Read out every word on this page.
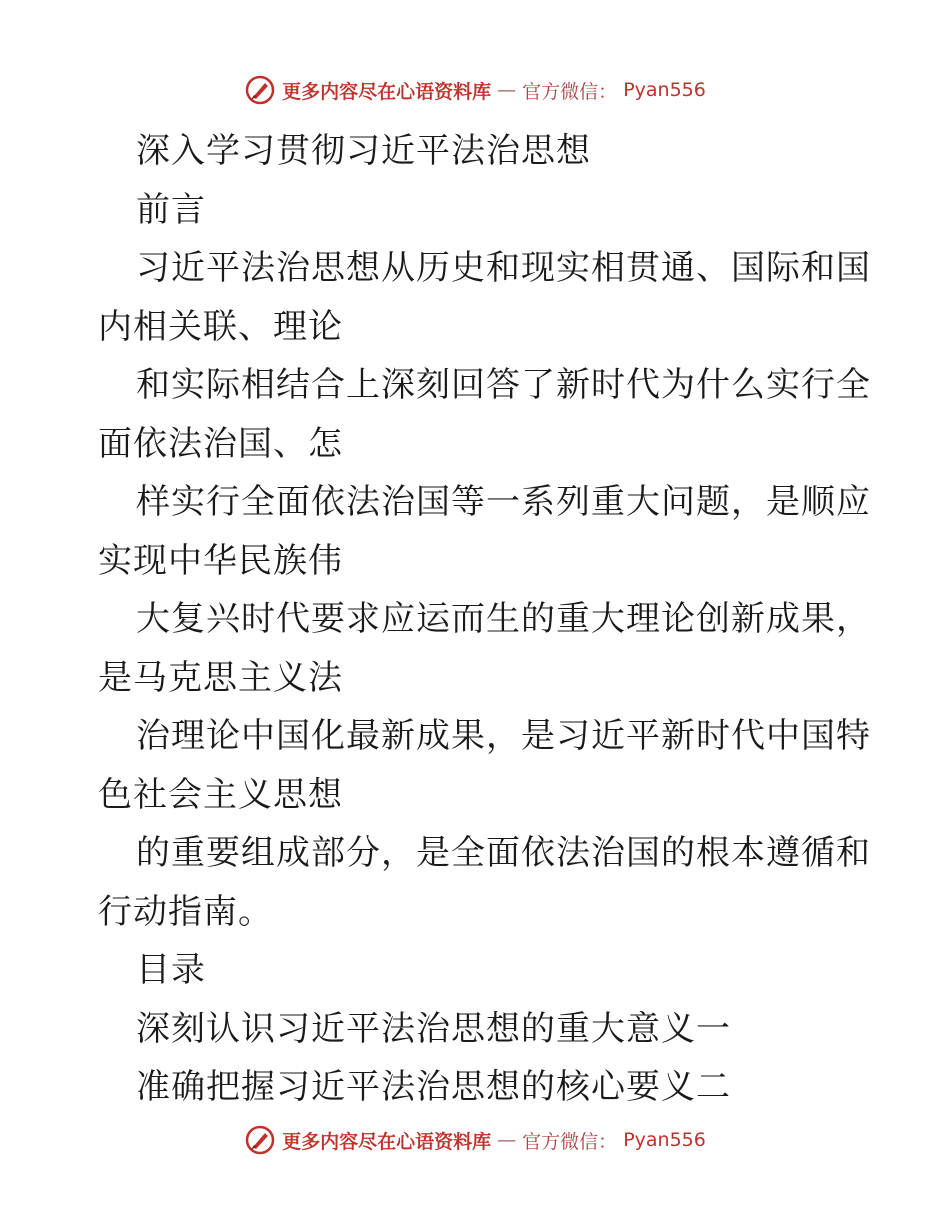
更多内容尽在心语资料库 — 官方微信： Pyan556
深入学习贯彻习近平法治思想
前言
习近平法治思想从历史和现实相贯通、国际和国
内相关联、理论
和实际相结合上深刻回答了新时代为什么实行全
面依法治国、怎
样实行全面依法治国等一系列重大问题，是顺应
实现中华民族伟
大复兴时代要求应运而生的重大理论创新成果，
是马克思主义法
治理论中国化最新成果，是习近平新时代中国特
色社会主义思想
的重要组成部分，是全面依法治国的根本遵循和
行动指南。
目录
深刻认识习近平法治思想的重大意义一
准确把握习近平法治思想的核心要义二
更多内容尽在心语资料库 — 官方微信： Pyan556
